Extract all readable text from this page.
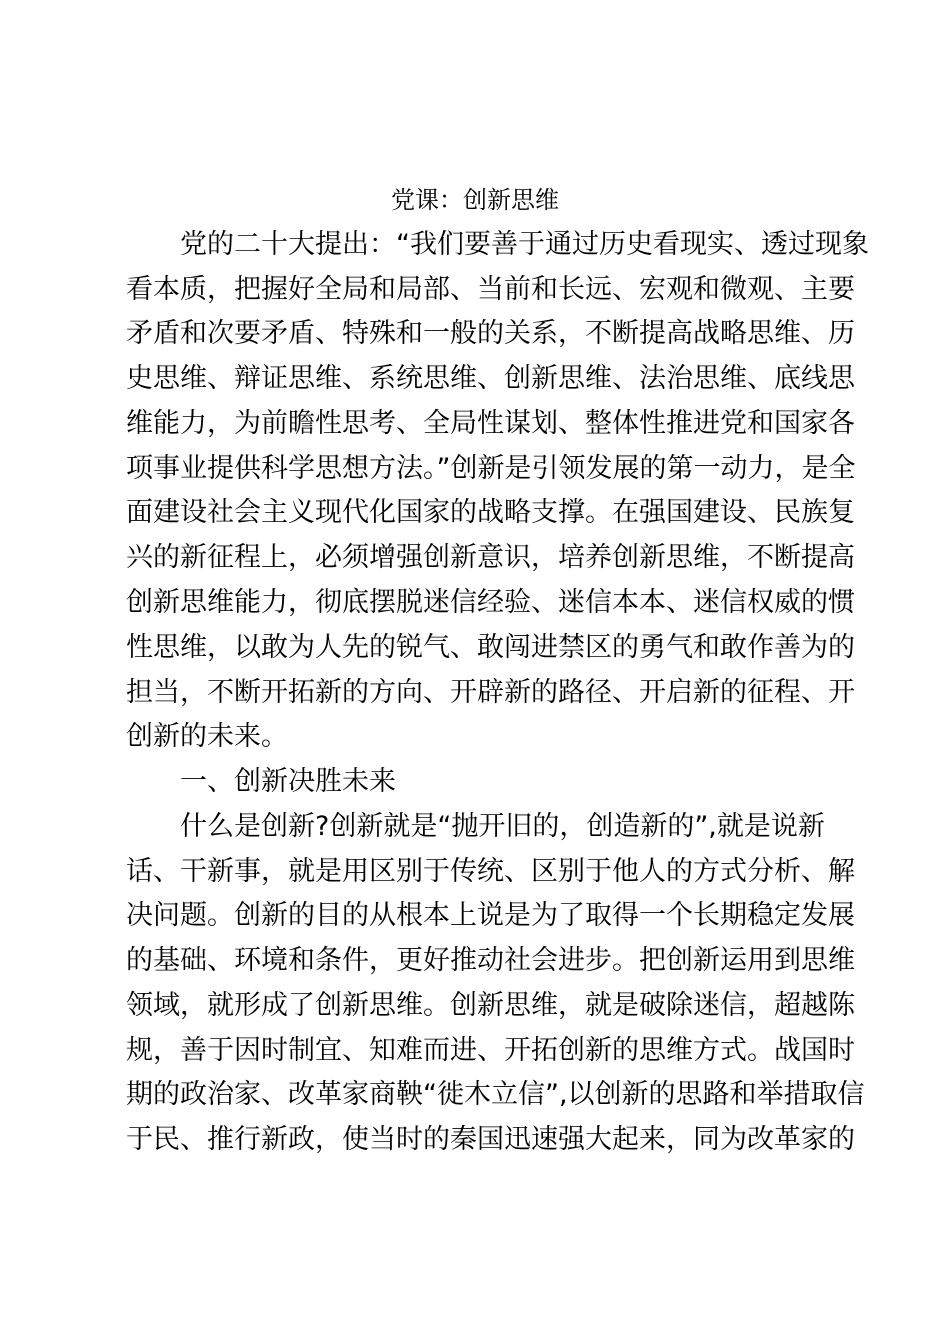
党课：创新思维
党的二十大提出：“我们要善于通过历史看现实、透过现象
看本质，把握好全局和局部、当前和长远、宏观和微观、主要
矛盾和次要矛盾、特殊和一般的关系，不断提高战略思维、历
史思维、辩证思维、系统思维、创新思维、法治思维、底线思
维能力，为前瞻性思考、全局性谋划、整体性推进党和国家各
项事业提供科学思想方法。”创新是引领发展的第一动力，是全
面建设社会主义现代化国家的战略支撑。在强国建设、民族复
兴的新征程上，必须增强创新意识，培养创新思维，不断提高
创新思维能力，彻底摆脱迷信经验、迷信本本、迷信权威的惯
性思维，以敢为人先的锐气、敢闯进禁区的勇气和敢作善为的
担当，不断开拓新的方向、开辟新的路径、开启新的征程、开
创新的未来。
一、创新决胜未来
什么是创新?创新就是“抛开旧的，创造新的”,就是说新
话、干新事，就是用区别于传统、区别于他人的方式分析、解
决问题。创新的目的从根本上说是为了取得一个长期稳定发展
的基础、环境和条件，更好推动社会进步。把创新运用到思维
领域，就形成了创新思维。创新思维，就是破除迷信，超越陈
规，善于因时制宜、知难而进、开拓创新的思维方式。战国时
期的政治家、改革家商鞅“徙木立信”,以创新的思路和举措取信
于民、推行新政，使当时的秦国迅速强大起来，同为改革家的
